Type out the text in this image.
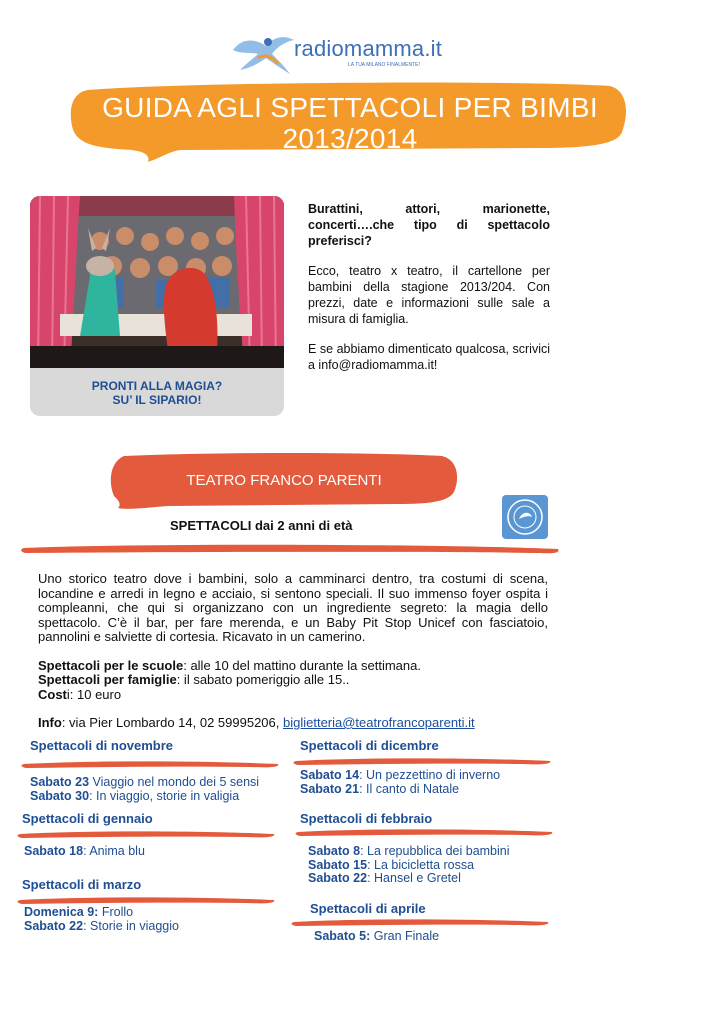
radiomamma.it
LA TUA MILANO FINALMENTE!
GUIDA AGLI SPETTACOLI PER BIMBI
2013/2014
PRONTI ALLA MAGIA?
SU’ IL SIPARIO!

Burattini, attori, marionette, concerti….che tipo di spettacolo preferisci?

Ecco, teatro x teatro, il cartellone per bambini della stagione 2013/204. Con prezzi, date e informazioni sulle sale a misura di famiglia.

E se abbiamo dimenticato qualcosa, scrivici a info@radiomamma.it!

TEATRO FRANCO PARENTI
SPETTACOLI dai 2 anni di età

Uno storico teatro dove i bambini, solo a camminarci dentro, tra costumi di scena, locandine e arredi in legno e acciaio, si sentono speciali. Il suo immenso foyer ospita i compleanni, che qui si organizzano con un ingrediente segreto: la magia dello spettacolo. C’è il bar, per fare merenda, e un Baby Pit Stop Unicef con fasciatoio, pannolini e salviette di cortesia. Ricavato in un camerino.

Spettacoli per le scuole: alle 10 del mattino durante la settimana.
Spettacoli per famiglie: il sabato pomeriggio alle 15..
Costi: 10 euro
Info: via Pier Lombardo 14, 02 59995206, biglietteria@teatrofrancoparenti.it
Spettacoli di novembre
Sabato 23 Viaggio nel mondo dei 5 sensi
Sabato 30: In viaggio, storie in valigia
Spettacoli di dicembre
Sabato 14: Un pezzettino di inverno
Sabato 21: Il canto di Natale
Spettacoli di gennaio
Sabato 18: Anima blu
Spettacoli di febbraio
Sabato 8: La repubblica dei bambini
Sabato 15: La bicicletta rossa
Sabato 22: Hansel e Gretel
Spettacoli di marzo
Domenica 9: Frollo
Sabato 22: Storie in viaggio
Spettacoli di aprile
Sabato 5: Gran Finale
